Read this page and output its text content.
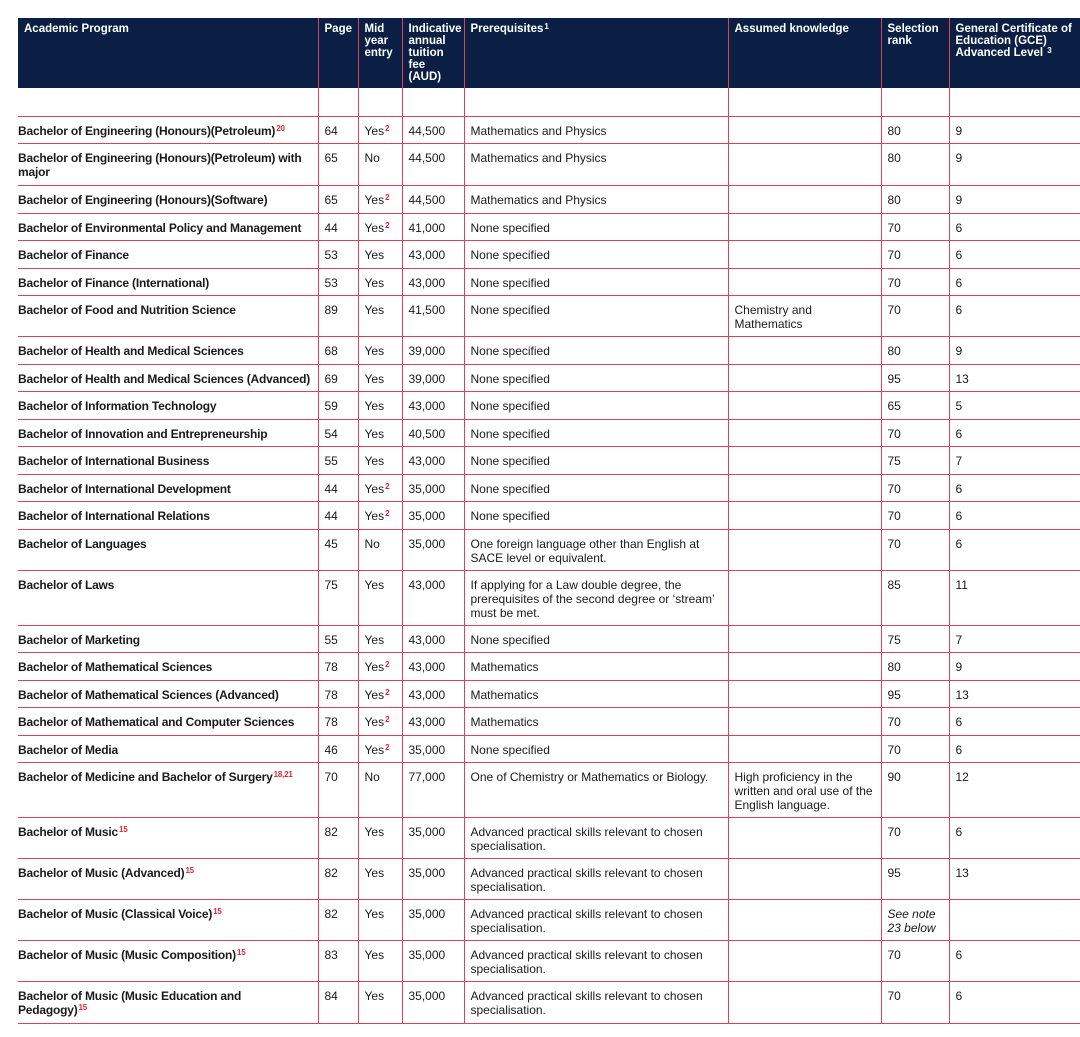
Academic Program	Page	Mid year entry	Indicative annual tuition fee (AUD)	Prerequisites$^1$	Assumed knowledge	Selection rank	General Certificate of Education (GCE) Advanced Level $^3$

Bachelor of Engineering (Honours)(Petroleum)$^{20}$	64	Yes$^2$	44,500	Mathematics and Physics		80	9
Bachelor of Engineering (Honours)(Petroleum) with major	65	No	44,500	Mathematics and Physics		80	9
Bachelor of Engineering (Honours)(Software)	65	Yes$^2$	44,500	Mathematics and Physics		80	9
Bachelor of Environmental Policy and Management	44	Yes$^2$	41,000	None specified		70	6
Bachelor of Finance	53	Yes	43,000	None specified		70	6
Bachelor of Finance (International)	53	Yes	43,000	None specified		70	6
Bachelor of Food and Nutrition Science	89	Yes	41,500	None specified	Chemistry and Mathematics	70	6
Bachelor of Health and Medical Sciences	68	Yes	39,000	None specified		80	9
Bachelor of Health and Medical Sciences (Advanced)	69	Yes	39,000	None specified		95	13
Bachelor of Information Technology	59	Yes	43,000	None specified		65	5
Bachelor of Innovation and Entrepreneurship	54	Yes	40,500	None specified		70	6
Bachelor of International Business	55	Yes	43,000	None specified		75	7
Bachelor of International Development	44	Yes$^2$	35,000	None specified		70	6
Bachelor of International Relations	44	Yes$^2$	35,000	None specified		70	6
Bachelor of Languages	45	No	35,000	One foreign language other than English at SACE level or equivalent.		70	6
Bachelor of Laws	75	Yes	43,000	If applying for a Law double degree, the prerequisites of the second degree or ‘stream’ must be met.		85	11
Bachelor of Marketing	55	Yes	43,000	None specified		75	7
Bachelor of Mathematical Sciences	78	Yes$^2$	43,000	Mathematics		80	9
Bachelor of Mathematical Sciences (Advanced)	78	Yes$^2$	43,000	Mathematics		95	13
Bachelor of Mathematical and Computer Sciences	78	Yes$^2$	43,000	Mathematics		70	6
Bachelor of Media	46	Yes$^2$	35,000	None specified		70	6
Bachelor of Medicine and Bachelor of Surgery$^{18,21}$	70	No	77,000	One of Chemistry or Mathematics or Biology.	High proficiency in the written and oral use of the English language.	90	12
Bachelor of Music$^{15}$	82	Yes	35,000	Advanced practical skills relevant to chosen specialisation.		70	6
Bachelor of Music (Advanced)$^{15}$	82	Yes	35,000	Advanced practical skills relevant to chosen specialisation.		95	13
Bachelor of Music (Classical Voice)$^{15}$	82	Yes	35,000	Advanced practical skills relevant to chosen specialisation.		See note 23 below	
Bachelor of Music (Music Composition)$^{15}$	83	Yes	35,000	Advanced practical skills relevant to chosen specialisation.		70	6
Bachelor of Music (Music Education and Pedagogy)$^{15}$	84	Yes	35,000	Advanced practical skills relevant to chosen specialisation.		70	6
